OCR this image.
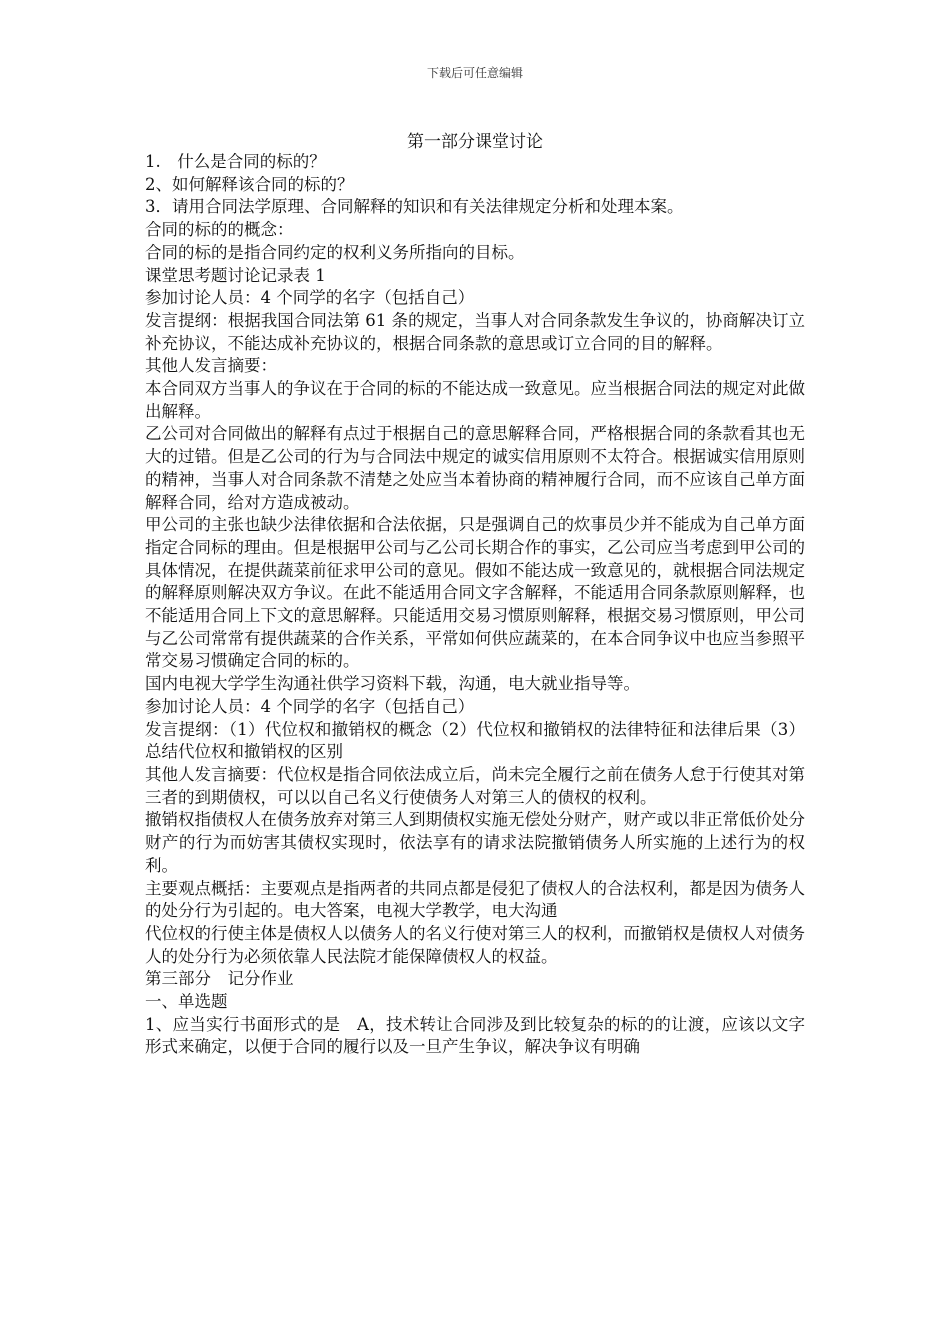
下载后可任意编辑
第一部分课堂讨论

1.　什么是合同的标的？

2、如何解释该合同的标的？

3．请用合同法学原理、合同解释的知识和有关法律规定分析和处理本案。

合同的标的的概念：

合同的标的是指合同约定的权利义务所指向的目标。

课堂思考题讨论记录表 1

参加讨论人员：4 个同学的名字（包括自己）

发言提纲：根据我国合同法第 61 条的规定，当事人对合同条款发生争议的，协商解决订立补充协议，不能达成补充协议的，根据合同条款的意思或订立合同的目的解释。

其他人发言摘要：

本合同双方当事人的争议在于合同的标的不能达成一致意见。应当根据合同法的规定对此做出解释。

乙公司对合同做出的解释有点过于根据自己的意思解释合同，严格根据合同的条款看其也无大的过错。但是乙公司的行为与合同法中规定的诚实信用原则不太符合。根据诚实信用原则的精神，当事人对合同条款不清楚之处应当本着协商的精神履行合同，而不应该自己单方面解释合同，给对方造成被动。

甲公司的主张也缺少法律依据和合法依据，只是强调自己的炊事员少并不能成为自己单方面指定合同标的理由。但是根据甲公司与乙公司长期合作的事实，乙公司应当考虑到甲公司的具体情况，在提供蔬菜前征求甲公司的意见。假如不能达成一致意见的，就根据合同法规定的解释原则解决双方争议。在此不能适用合同文字含解释，不能适用合同条款原则解释，也不能适用合同上下文的意思解释。只能适用交易习惯原则解释，根据交易习惯原则，甲公司与乙公司常常有提供蔬菜的合作关系，平常如何供应蔬菜的，在本合同争议中也应当参照平常交易习惯确定合同的标的。

国内电视大学学生沟通社供学习资料下载，沟通，电大就业指导等。

参加讨论人员：4 个同学的名字（包括自己）

发言提纲：（1）代位权和撤销权的概念（2）代位权和撤销权的法律特征和法律后果（3）总结代位权和撤销权的区别

其他人发言摘要：代位权是指合同依法成立后，尚未完全履行之前在债务人怠于行使其对第三者的到期债权，可以以自己名义行使债务人对第三人的债权的权利。

撤销权指债权人在债务放弃对第三人到期债权实施无偿处分财产，财产或以非正常低价处分财产的行为而妨害其债权实现时，依法享有的请求法院撤销债务人所实施的上述行为的权利。

主要观点概括：主要观点是指两者的共同点都是侵犯了债权人的合法权利，都是因为债务人的处分行为引起的。电大答案，电视大学教学，电大沟通

代位权的行使主体是债权人以债务人的名义行使对第三人的权利，而撤销权是债权人对债务人的处分行为必须依靠人民法院才能保障债权人的权益。

第三部分　记分作业

一、单选题

1、应当实行书面形式的是　A，技术转让合同涉及到比较复杂的标的的让渡，应该以文字形式来确定，以便于合同的履行以及一旦产生争议，解决争议有明确
